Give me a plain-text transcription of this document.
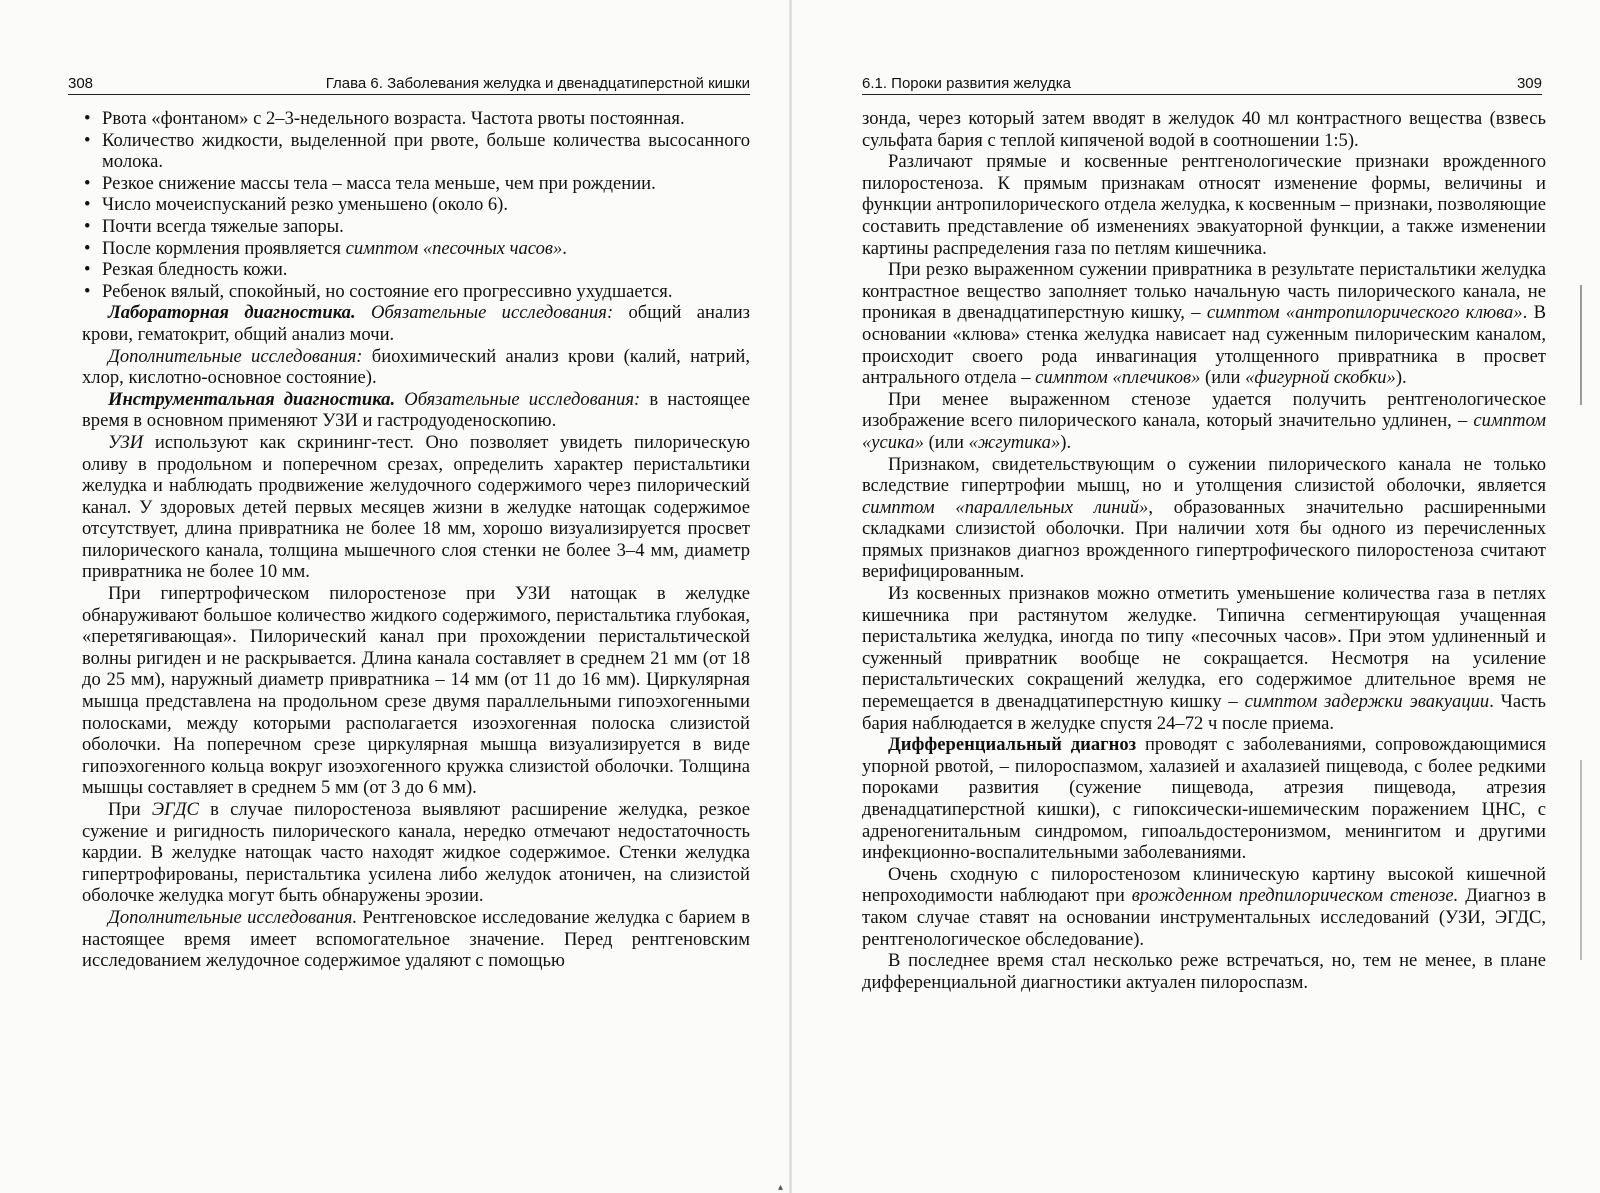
308	Глава 6. Заболевания желудка и двенадцатиперстной кишки
• Рвота «фонтаном» с 2–3-недельного возраста. Частота рвоты постоянная.
• Количество жидкости, выделенной при рвоте, больше количества высосанного молока.
• Резкое снижение массы тела – масса тела меньше, чем при рождении.
• Число мочеиспусканий резко уменьшено (около 6).
• Почти всегда тяжелые запоры.
• После кормления проявляется симптом «песочных часов».
• Резкая бледность кожи.
• Ребенок вялый, спокойный, но состояние его прогрессивно ухудшается.

Лабораторная диагностика. Обязательные исследования: общий анализ крови, гематокрит, общий анализ мочи.

Дополнительные исследования: биохимический анализ крови (калий, натрий, хлор, кислотно-основное состояние).

Инструментальная диагностика. Обязательные исследования: в настоящее время в основном применяют УЗИ и гастродуоденоскопию.

УЗИ используют как скрининг-тест. Оно позволяет увидеть пилорическую оливу в продольном и поперечном срезах, определить характер перистальтики желудка и наблюдать продвижение желудочного содержимого через пилорический канал. У здоровых детей первых месяцев жизни в желудке натощак содержимое отсутствует, длина привратника не более 18 мм, хорошо визуализируется просвет пилорического канала, толщина мышечного слоя стенки не более 3–4 мм, диаметр привратника не более 10 мм.

При гипертрофическом пилоростенозе при УЗИ натощак в желудке обнаруживают большое количество жидкого содержимого, перистальтика глубокая, «перетягивающая». Пилорический канал при прохождении перистальтической волны ригиден и не раскрывается. Длина канала составляет в среднем 21 мм (от 18 до 25 мм), наружный диаметр привратника – 14 мм (от 11 до 16 мм). Циркулярная мышца представлена на продольном срезе двумя параллельными гипоэхогенными полосками, между которыми располагается изоэхогенная полоска слизистой оболочки. На поперечном срезе циркулярная мышца визуализируется в виде гипоэхогенного кольца вокруг изоэхогенного кружка слизистой оболочки. Толщина мышцы составляет в среднем 5 мм (от 3 до 6 мм).

При ЭГДС в случае пилоростеноза выявляют расширение желудка, резкое сужение и ригидность пилорического канала, нередко отмечают недостаточность кардии. В желудке натощак часто находят жидкое содержимое. Стенки желудка гипертрофированы, перистальтика усилена либо желудок атоничен, на слизистой оболочке желудка могут быть обнаружены эрозии.

Дополнительные исследования. Рентгеновское исследование желудка с барием в настоящее время имеет вспомогательное значение. Перед рентгеновским исследованием желудочное содержимое удаляют с помощью

6.1. Пороки развития желудка	309

зонда, через который затем вводят в желудок 40 мл контрастного вещества (взвесь сульфата бария с теплой кипяченой водой в соотношении 1:5).

Различают прямые и косвенные рентгенологические признаки врожденного пилоростеноза. К прямым признакам относят изменение формы, величины и функции антропилорического отдела желудка, к косвенным – признаки, позволяющие составить представление об изменениях эвакуаторной функции, а также изменении картины распределения газа по петлям кишечника.

При резко выраженном сужении привратника в результате перистальтики желудка контрастное вещество заполняет только начальную часть пилорического канала, не проникая в двенадцатиперстную кишку, – симптом «антропилорического клюва». В основании «клюва» стенка желудка нависает над суженным пилорическим каналом, происходит своего рода инвагинация утолщенного привратника в просвет антрального отдела – симптом «плечиков» (или «фигурной скобки»).

При менее выраженном стенозе удается получить рентгенологическое изображение всего пилорического канала, который значительно удлинен, – симптом «усика» (или «жгутика»).

Признаком, свидетельствующим о сужении пилорического канала не только вследствие гипертрофии мышц, но и утолщения слизистой оболочки, является симптом «параллельных линий», образованных значительно расширенными складками слизистой оболочки. При наличии хотя бы одного из перечисленных прямых признаков диагноз врожденного гипертрофического пилоростеноза считают верифицированным.

Из косвенных признаков можно отметить уменьшение количества газа в петлях кишечника при растянутом желудке. Типична сегментирующая учащенная перистальтика желудка, иногда по типу «песочных часов». При этом удлиненный и суженный привратник вообще не сокращается. Несмотря на усиление перистальтических сокращений желудка, его содержимое длительное время не перемещается в двенадцатиперстную кишку – симптом задержки эвакуации. Часть бария наблюдается в желудке спустя 24–72 ч после приема.

Дифференциальный диагноз проводят с заболеваниями, сопровождающимися упорной рвотой, – пилороспазмом, халазией и ахалазией пищевода, с более редкими пороками развития (сужение пищевода, атрезия пищевода, атрезия двенадцатиперстной кишки), с гипоксически-ишемическим поражением ЦНС, с адреногенитальным синдромом, гипоальдостеронизмом, менингитом и другими инфекционно-воспалительными заболеваниями.

Очень сходную с пилоростенозом клиническую картину высокой кишечной непроходимости наблюдают при врожденном предпилорическом стенозе. Диагноз в таком случае ставят на основании инструментальных исследований (УЗИ, ЭГДС, рентгенологическое обследование).

В последнее время стал несколько реже встречаться, но, тем не менее, в плане дифференциальной диагностики актуален пилороспазм.

▴
